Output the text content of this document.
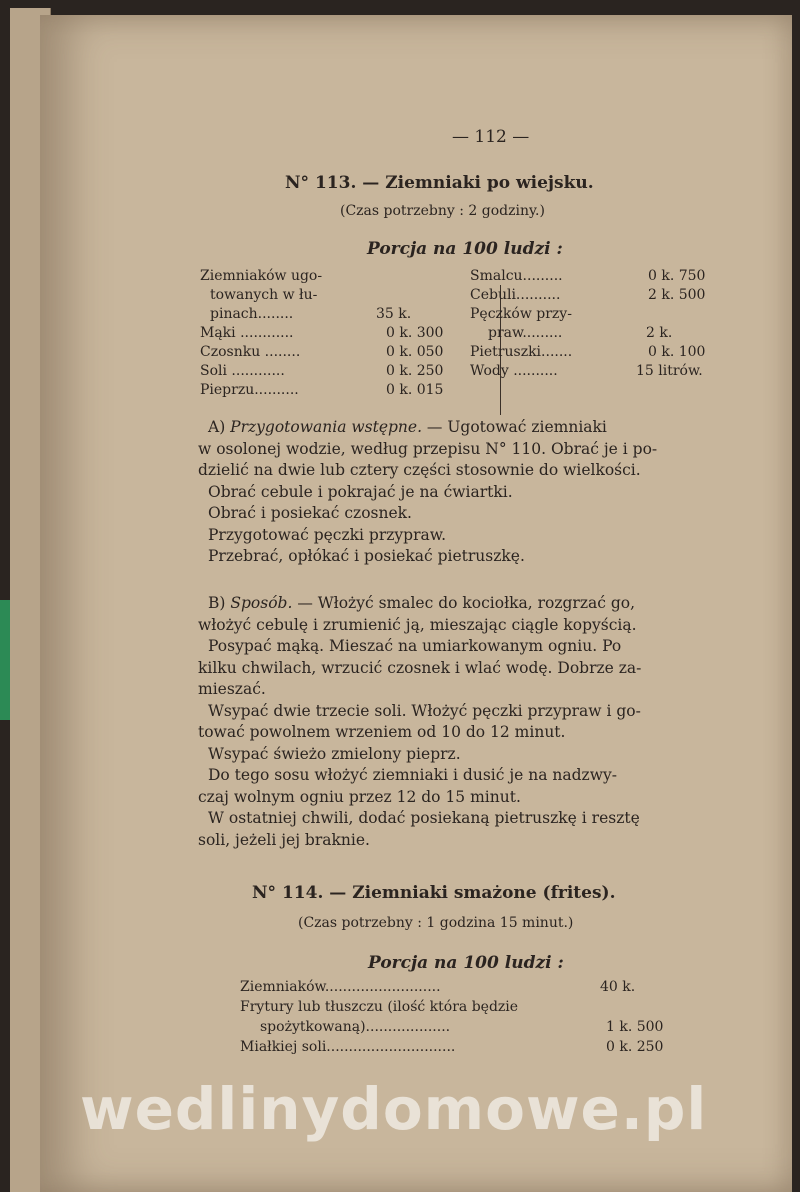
— 112 —
N° 113. — Ziemniaki po wiejsku.
(Czas potrzebny : 2 godziny.)
Porcja na 100 ludzi :
Ziemniaków ugo-
towanych w łu-
pinach........	35 k.
Mąki ............	0 k. 300
Czosnku ........	0 k. 050
Soli ............	0 k. 250
Pieprzu..........	0 k. 015
Smalcu.........	0 k. 750
Cebuli..........	2 k. 500
Pęczków przy-
praw.........	2 k.
Pietruszki.......	0 k. 100
Wody ..........	15 litrów.

A) Przygotowania wstępne. — Ugotować ziemniaki

w osolonej wodzie, według przepisu N° 110. Obrać je i po-

dzielić na dwie lub cztery części stosownie do wielkości.

Obrać cebule i pokrajać je na ćwiartki.

Obrać i posiekać czosnek.

Przygotować pęczki przypraw.

Przebrać, opłókać i posiekać pietruszkę.

B) Sposób. — Włożyć smalec do kociołka, rozgrzać go,

włożyć cebulę i zrumienić ją, mieszając ciągle kopyścią.

Posypać mąką. Mieszać na umiarkowanym ogniu. Po

kilku chwilach, wrzucić czosnek i wlać wodę. Dobrze za-

mieszać.

Wsypać dwie trzecie soli. Włożyć pęczki przypraw i go-

tować powolnem wrzeniem od 10 do 12 minut.

Wsypać świeżo zmielony pieprz.

Do tego sosu włożyć ziemniaki i dusić je na nadzwy-

czaj wolnym ogniu przez 12 do 15 minut.

W ostatniej chwili, dodać posiekaną pietruszkę i resztę

soli, jeżeli jej braknie.

N° 114. — Ziemniaki smażone (frites).
(Czas potrzebny : 1 godzina 15 minut.)
Porcja na 100 ludzi :
Ziemniaków..........................	40 k.
Frytury lub tłuszczu (ilość która będzie
spożytkowaną)...................	1 k. 500
Miałkiej soli.............................	0 k. 250
wedlinydomowe.pl
